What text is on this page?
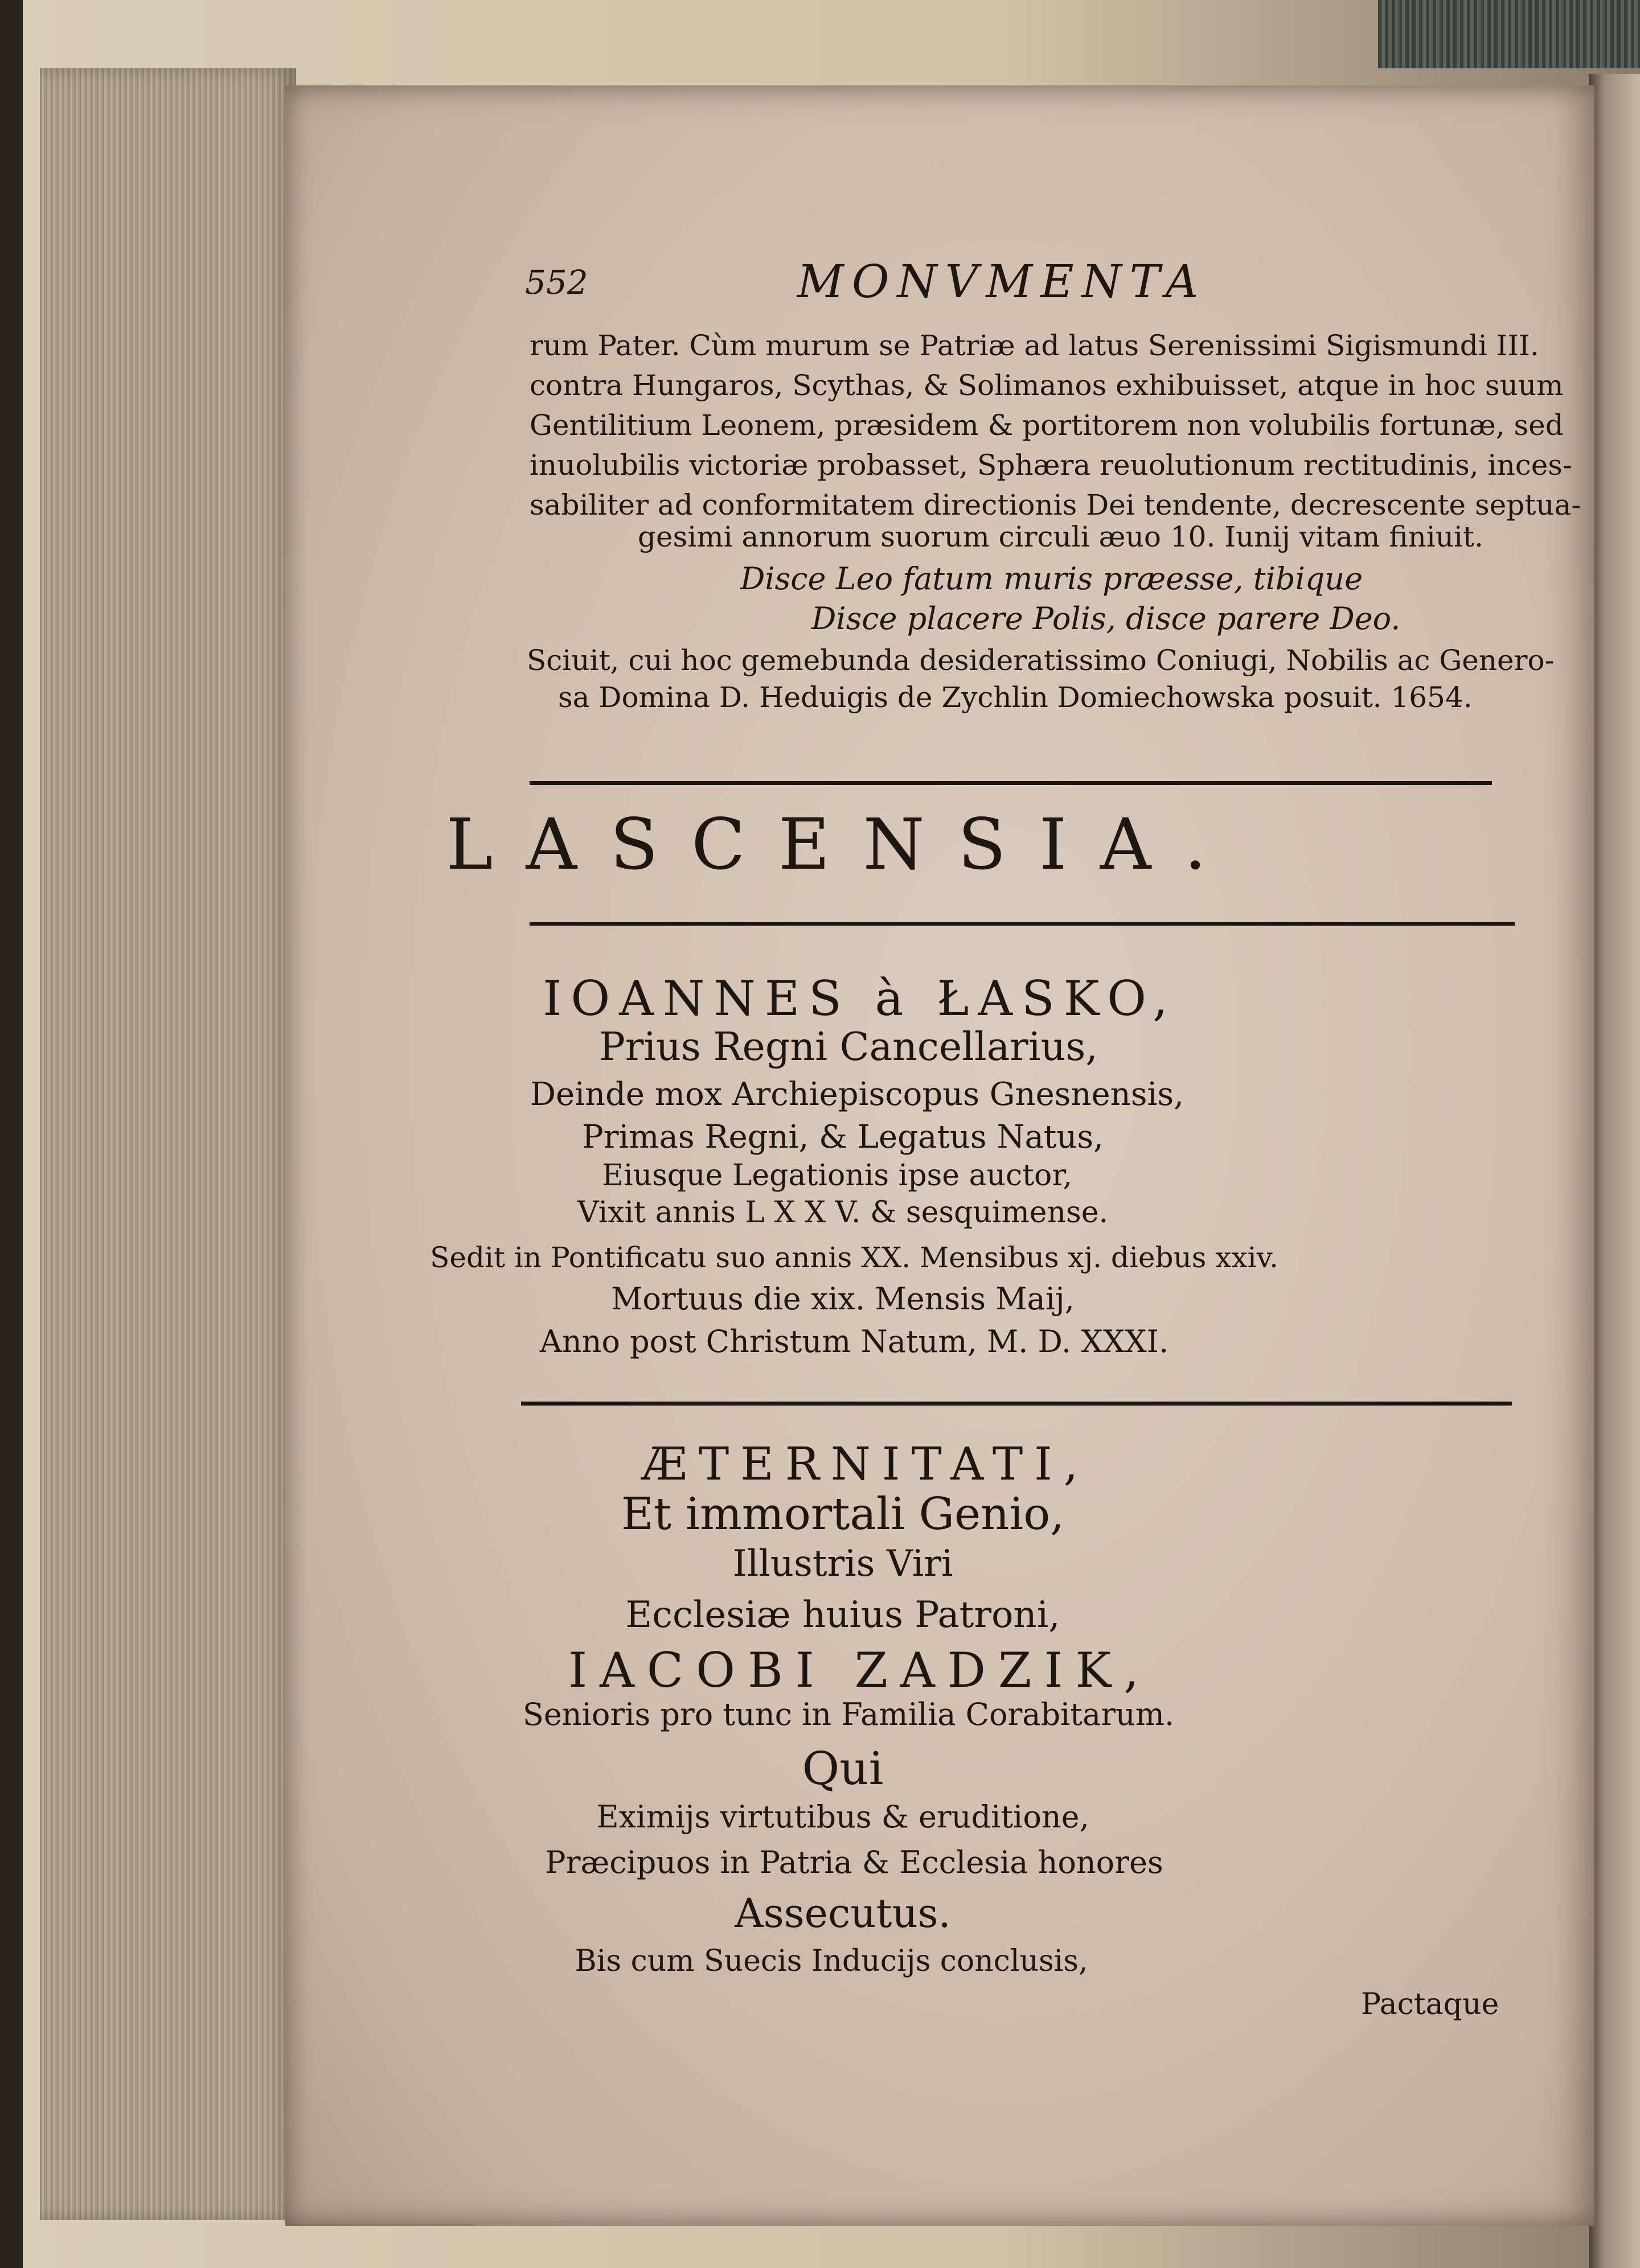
552	MONVMENTA
rum Pater. Cùm murum se Patriæ ad latus Serenissimi Sigismundi III.
contra Hungaros, Scythas, & Solimanos exhibuisset, atque in hoc suum
Gentilitium Leonem, præsidem & portitorem non volubilis fortunæ, sed
inuolubilis victoriæ probasset, Sphæra reuolutionum rectitudinis, inces-
sabiliter ad conformitatem directionis Dei tendente, decrescente septua-
gesimi annorum suorum circuli æuo 10. Iunij vitam finiuit.
Disce Leo fatum muris præesse, tibique
Disce placere Polis, disce parere Deo.
Sciuit, cui hoc gemebunda desideratissimo Coniugi, Nobilis ac Genero-
sa Domina D. Heduigis de Zychlin Domiechowska posuit. 1654.
LASCENSIA.
IOANNES à ŁASKO,
Prius Regni Cancellarius,
Deinde mox Archiepiscopus Gnesnensis,
Primas Regni, & Legatus Natus,
Eiusque Legationis ipse auctor,
Vixit annis L X X V. & sesquimense.
Sedit in Pontificatu suo annis XX. Mensibus xj. diebus xxiv.
Mortuus die xix. Mensis Maij,
Anno post Christum Natum, M. D. XXXI.
ÆTERNITATI,
Et immortali Genio,
Illustris Viri
Ecclesiæ huius Patroni,
IACOBI ZADZIK,
Senioris pro tunc in Familia Corabitarum.
Qui
Eximijs virtutibus & eruditione,
Præcipuos in Patria & Ecclesia honores
Assecutus.
Bis cum Suecis Inducijs conclusis,
Pactaque
